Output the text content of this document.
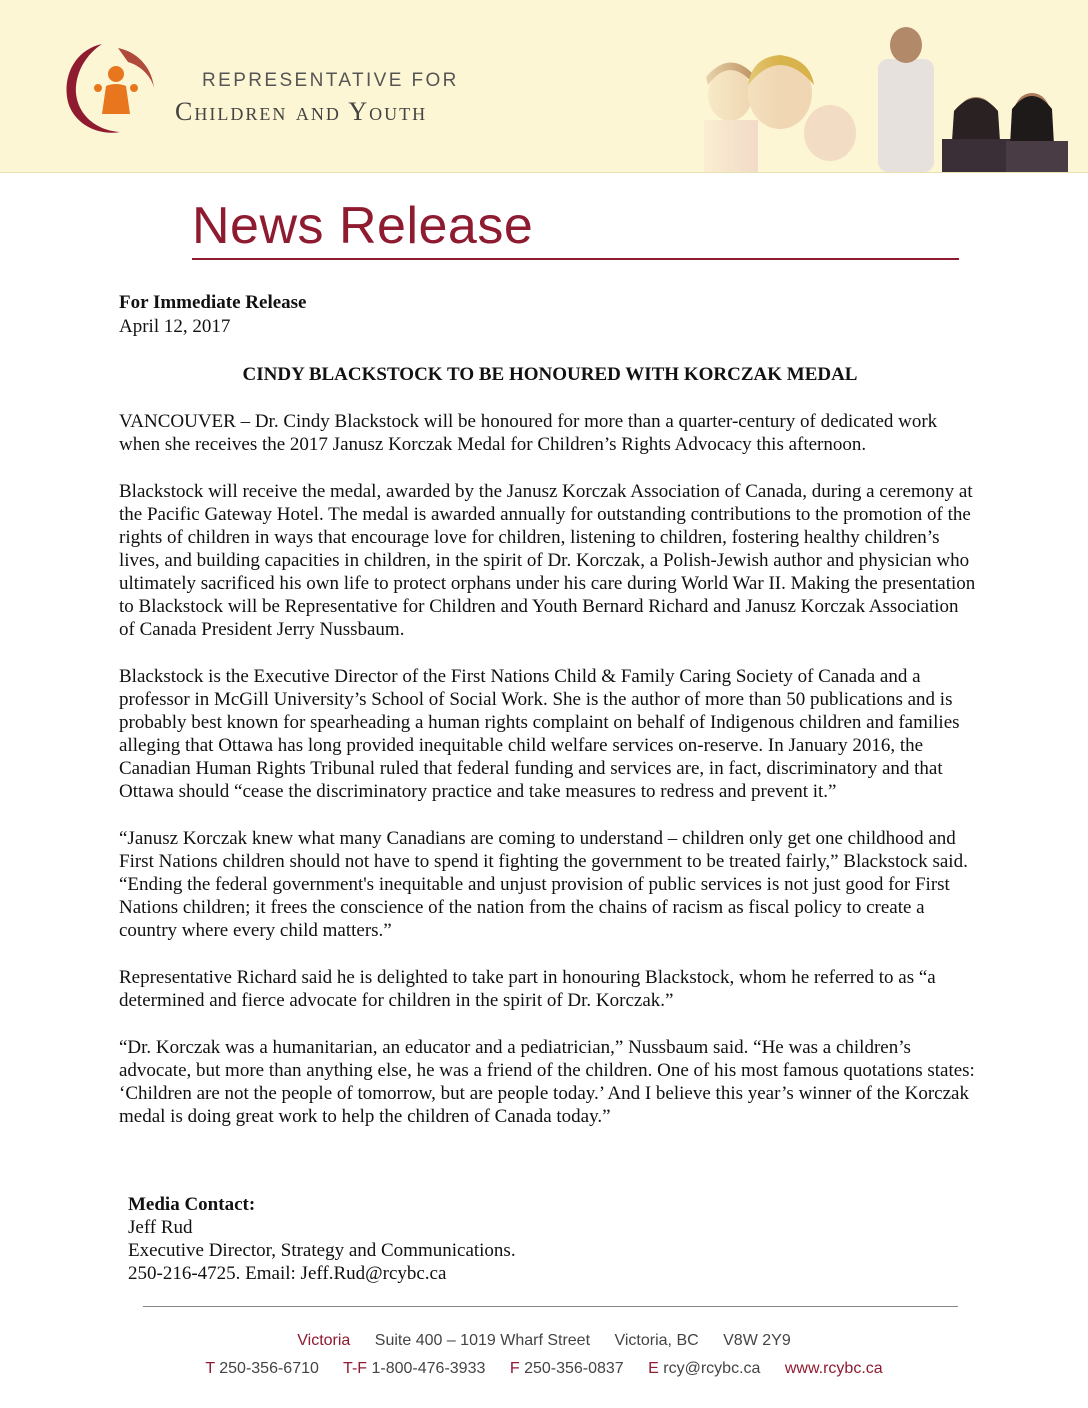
REPRESENTATIVE FOR
Children and Youth
News Release
For Immediate Release
April 12, 2017
CINDY BLACKSTOCK TO BE HONOURED WITH KORCZAK MEDAL

VANCOUVER – Dr. Cindy Blackstock will be honoured for more than a quarter-century of dedicated work when she receives the 2017 Janusz Korczak Medal for Children’s Rights Advocacy this afternoon.

Blackstock will receive the medal, awarded by the Janusz Korczak Association of Canada, during a ceremony at the Pacific Gateway Hotel. The medal is awarded annually for outstanding contributions to the promotion of the rights of children in ways that encourage love for children, listening to children, fostering healthy children’s lives, and building capacities in children, in the spirit of Dr. Korczak, a Polish-Jewish author and physician who ultimately sacrificed his own life to protect orphans under his care during World War II. Making the presentation to Blackstock will be Representative for Children and Youth Bernard Richard and Janusz Korczak Association of Canada President Jerry Nussbaum.

Blackstock is the Executive Director of the First Nations Child & Family Caring Society of Canada and a professor in McGill University’s School of Social Work. She is the author of more than 50 publications and is probably best known for spearheading a human rights complaint on behalf of Indigenous children and families alleging that Ottawa has long provided inequitable child welfare services on-reserve. In January 2016, the Canadian Human Rights Tribunal ruled that federal funding and services are, in fact, discriminatory and that Ottawa should “cease the discriminatory practice and take measures to redress and prevent it.”

“Janusz Korczak knew what many Canadians are coming to understand – children only get one childhood and First Nations children should not have to spend it fighting the government to be treated fairly,” Blackstock said. “Ending the federal government's inequitable and unjust provision of public services is not just good for First Nations children; it frees the conscience of the nation from the chains of racism as fiscal policy to create a country where every child matters.”

Representative Richard said he is delighted to take part in honouring Blackstock, whom he referred to as “a determined and fierce advocate for children in the spirit of Dr. Korczak.”

“Dr. Korczak was a humanitarian, an educator and a pediatrician,” Nussbaum said. “He was a children’s advocate, but more than anything else, he was a friend of the children. One of his most famous quotations states: ‘Children are not the people of tomorrow, but are people today.’ And I believe this year’s winner of the Korczak medal is doing great work to help the children of Canada today.”

Media Contact:
Jeff Rud
Executive Director, Strategy and Communications.
250-216-4725. Email: Jeff.Rud@rcybc.ca
Victoria Suite 400 – 1019 Wharf Street Victoria, BC V8W 2Y9
T 250-356-6710 T-F 1-800-476-3933 F 250-356-0837 E rcy@rcybc.ca www.rcybc.ca
